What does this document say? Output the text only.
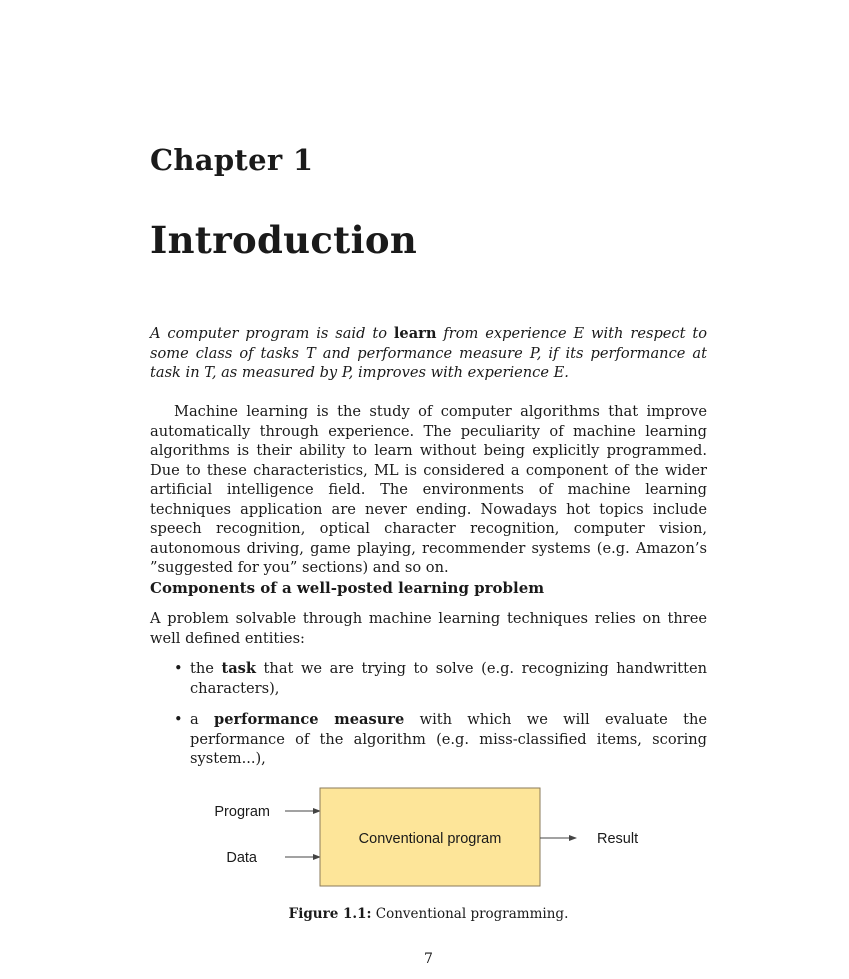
Chapter 1
Introduction
A computer program is said to learn from experience E with respect to some class of tasks T and performance measure P, if its performance at task in T, as measured by P, improves with experience E.

Machine learning is the study of computer algorithms that improve automatically through experience. The peculiarity of machine learning algorithms is their ability to learn without being explicitly programmed. Due to these characteristics, ML is considered a component of the wider artificial intelligence field. The environments of machine learning techniques application are never ending. Nowadays hot topics include speech recognition, optical character recognition, computer vision, autonomous driving, game playing, recommender systems (e.g. Amazon’s ”suggested for you” sections) and so on.

Components of a well-posted learning problem

A problem solvable through machine learning techniques relies on three well defined entities:

• the task that we are trying to solve (e.g. recognizing handwritten characters),
• a performance measure with which we will evaluate the performance of the algorithm (e.g. miss-classified items, scoring system...),
Program
Data
Conventional program	Result
Figure 1.1: Conventional programming.
7
